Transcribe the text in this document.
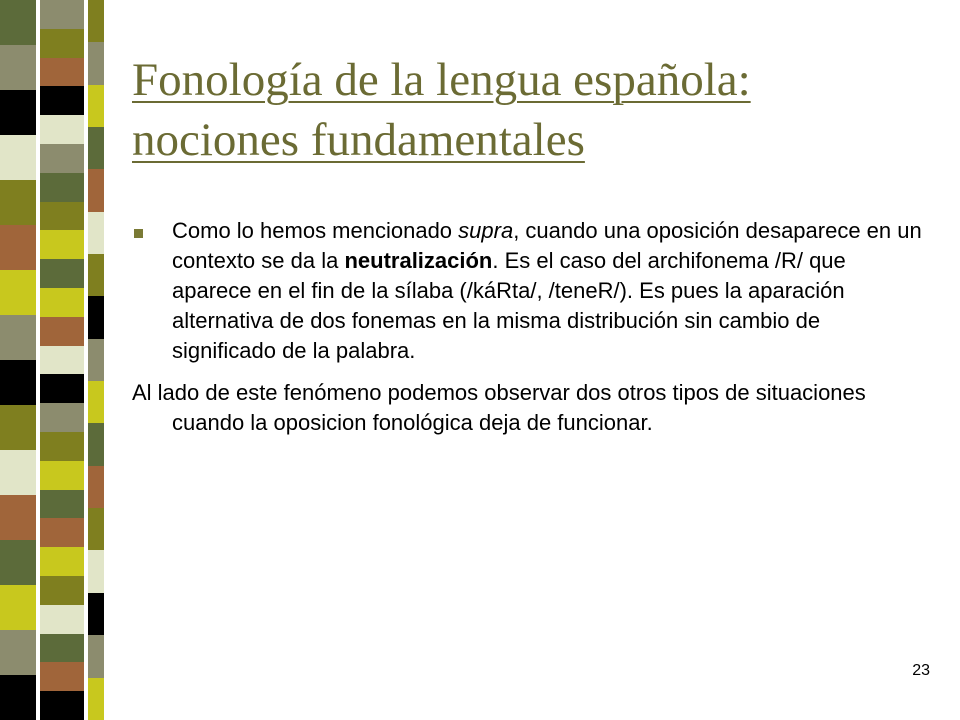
Fonología de la lengua española: nociones fundamentales

Como lo hemos mencionado supra, cuando una oposición desaparece en un contexto se da la neutralización. Es el caso del archifonema /R/ que aparece en el fin de la sílaba (/káRta/, /teneR/). Es pues la aparación alternativa de dos fonemas en la misma distribución sin cambio de significado de la palabra.

Al lado de este fenómeno podemos observar dos otros tipos de situaciones cuando la oposicion fonológica deja de funcionar.

23
